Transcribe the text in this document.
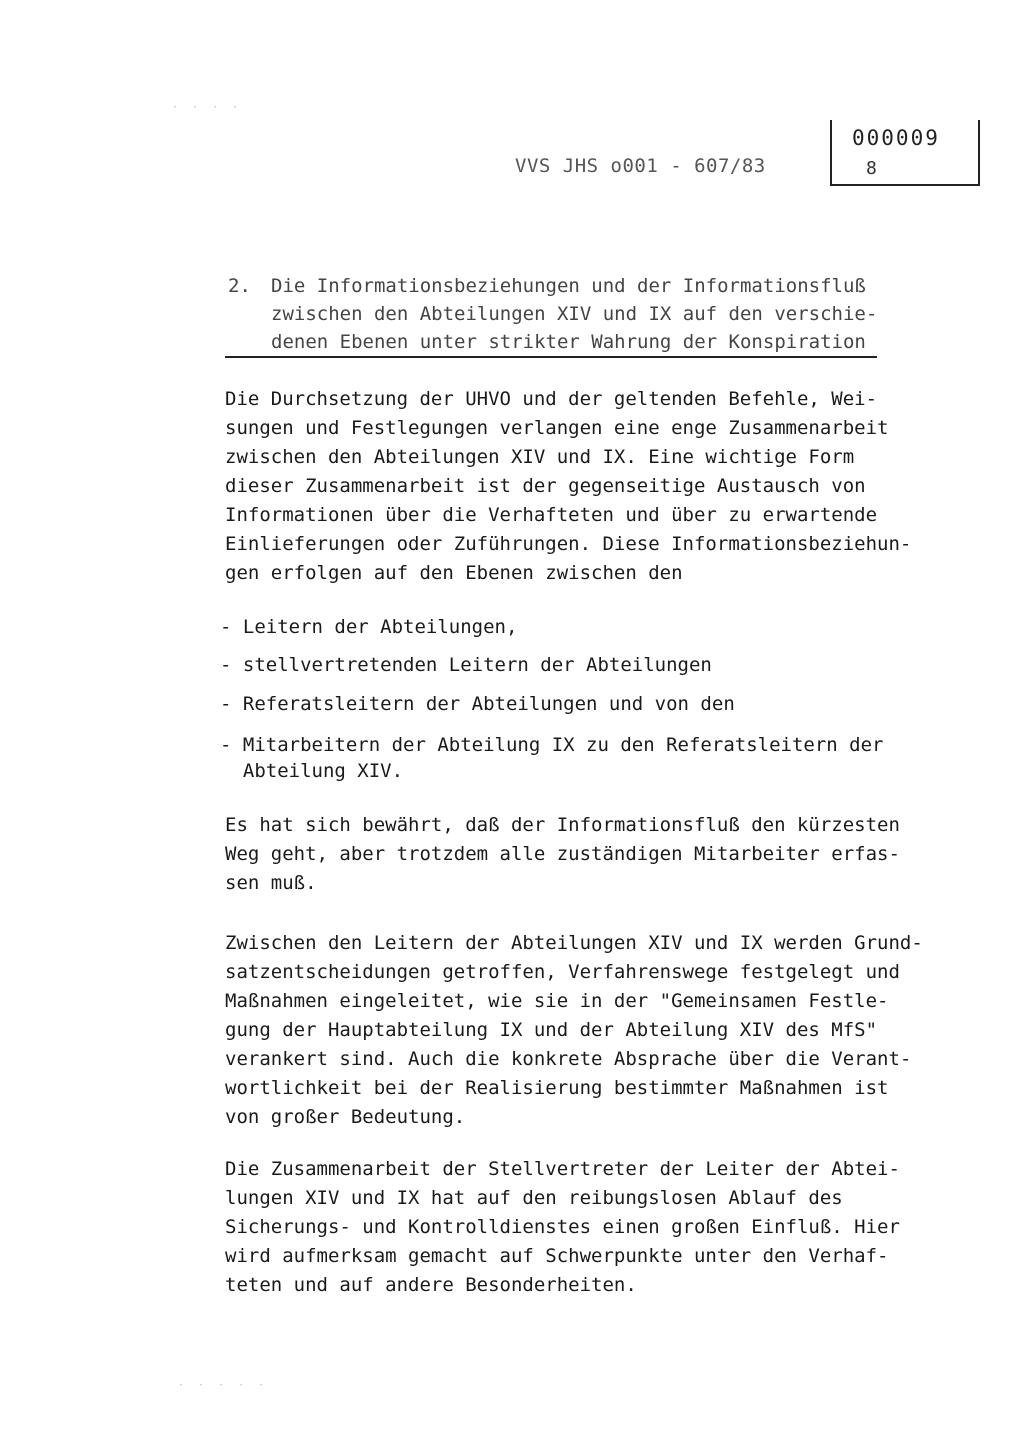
· · · ·
· · · · ·
VVS JHS o001 - 607/83
000009
8
2. Die Informationsbeziehungen und der Informationsfluß
zwischen den Abteilungen XIV und IX auf den verschie-
denen Ebenen unter strikter Wahrung der Konspiration
Die Durchsetzung der UHVO und der geltenden Befehle, Wei-
sungen und Festlegungen verlangen eine enge Zusammenarbeit
zwischen den Abteilungen XIV und IX. Eine wichtige Form
dieser Zusammenarbeit ist der gegenseitige Austausch von
Informationen über die Verhafteten und über zu erwartende
Einlieferungen oder Zuführungen. Diese Informationsbeziehun-
gen erfolgen auf den Ebenen zwischen den
- Leitern der Abteilungen,
- stellvertretenden Leitern der Abteilungen
- Referatsleitern der Abteilungen und von den
- Mitarbeitern der Abteilung IX zu den Referatsleitern der
Abteilung XIV.
Es hat sich bewährt, daß der Informationsfluß den kürzesten
Weg geht, aber trotzdem alle zuständigen Mitarbeiter erfas-
sen muß.
Zwischen den Leitern der Abteilungen XIV und IX werden Grund-
satzentscheidungen getroffen, Verfahrenswege festgelegt und
Maßnahmen eingeleitet, wie sie in der "Gemeinsamen Festle-
gung der Hauptabteilung IX und der Abteilung XIV des MfS"
verankert sind. Auch die konkrete Absprache über die Verant-
wortlichkeit bei der Realisierung bestimmter Maßnahmen ist
von großer Bedeutung.
Die Zusammenarbeit der Stellvertreter der Leiter der Abtei-
lungen XIV und IX hat auf den reibungslosen Ablauf des
Sicherungs- und Kontrolldienstes einen großen Einfluß. Hier
wird aufmerksam gemacht auf Schwerpunkte unter den Verhaf-
teten und auf andere Besonderheiten.
